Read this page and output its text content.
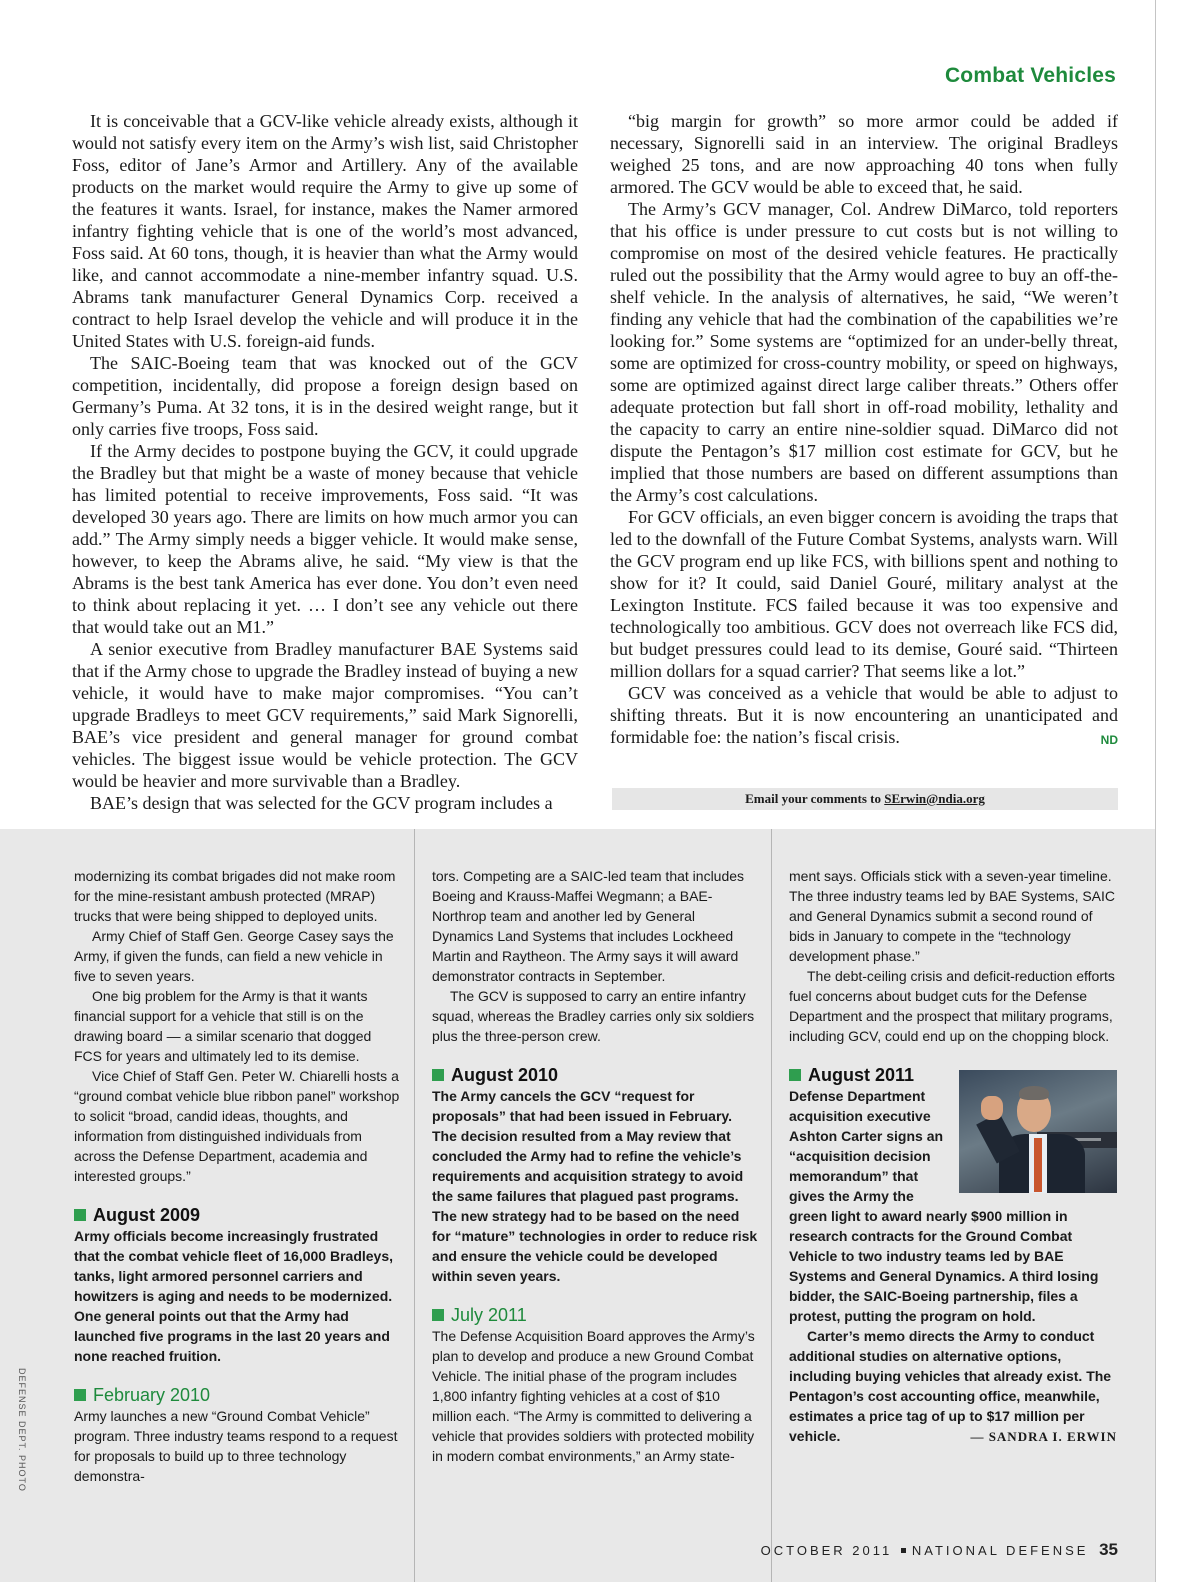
Combat Vehicles

It is conceivable that a GCV-like vehicle already exists, although it would not satisfy every item on the Army’s wish list, said Christopher Foss, editor of Jane’s Armor and Artillery. Any of the available products on the market would require the Army to give up some of the features it wants. Israel, for instance, makes the Namer armored infantry fighting vehicle that is one of the world’s most advanced, Foss said. At 60 tons, though, it is heavier than what the Army would like, and cannot accommodate a nine-member infantry squad. U.S. Abrams tank manufacturer General Dynamics Corp. received a contract to help Israel develop the vehicle and will produce it in the United States with U.S. foreign-aid funds.

The SAIC-Boeing team that was knocked out of the GCV competition, incidentally, did propose a foreign design based on Germany’s Puma. At 32 tons, it is in the desired weight range, but it only carries five troops, Foss said.

If the Army decides to postpone buying the GCV, it could upgrade the Bradley but that might be a waste of money because that vehicle has limited potential to receive improvements, Foss said. “It was developed 30 years ago. There are limits on how much armor you can add.” The Army simply needs a bigger vehicle. It would make sense, however, to keep the Abrams alive, he said. “My view is that the Abrams is the best tank America has ever done. You don’t even need to think about replacing it yet. … I don’t see any vehicle out there that would take out an M1.”

A senior executive from Bradley manufacturer BAE Systems said that if the Army chose to upgrade the Bradley instead of buying a new vehicle, it would have to make major compromises. “You can’t upgrade Bradleys to meet GCV requirements,” said Mark Signorelli, BAE’s vice president and general manager for ground combat vehicles. The biggest issue would be vehicle protection. The GCV would be heavier and more survivable than a Bradley.

BAE’s design that was selected for the GCV program includes a

“big margin for growth” so more armor could be added if necessary, Signorelli said in an interview. The original Bradleys weighed 25 tons, and are now approaching 40 tons when fully armored. The GCV would be able to exceed that, he said.

The Army’s GCV manager, Col. Andrew DiMarco, told reporters that his office is under pressure to cut costs but is not willing to compromise on most of the desired vehicle features. He practically ruled out the possibility that the Army would agree to buy an off-the-shelf vehicle. In the analysis of alternatives, he said, “We weren’t finding any vehicle that had the combination of the capabilities we’re looking for.” Some systems are “optimized for an under-belly threat, some are optimized for cross-country mobility, or speed on highways, some are optimized against direct large caliber threats.” Others offer adequate protection but fall short in off-road mobility, lethality and the capacity to carry an entire nine-soldier squad. DiMarco did not dispute the Pentagon’s $17 million cost estimate for GCV, but he implied that those numbers are based on different assumptions than the Army’s cost calculations.

For GCV officials, an even bigger concern is avoiding the traps that led to the downfall of the Future Combat Systems, analysts warn. Will the GCV program end up like FCS, with billions spent and nothing to show for it? It could, said Daniel Gouré, military analyst at the Lexington Institute. FCS failed because it was too expensive and technologically too ambitious. GCV does not overreach like FCS did, but budget pressures could lead to its demise, Gouré said. “Thirteen million dollars for a squad carrier? That seems like a lot.”

GCV was conceived as a vehicle that would be able to adjust to shifting threats. But it is now encountering an unanticipated and formidable foe: the nation’s fiscal crisis.	ND

Email your comments to SErwin@ndia.org
DEFENSE DEPT. PHOTO

modernizing its combat brigades did not make room for the mine-resistant ambush protected (MRAP) trucks that were being shipped to deployed units.

Army Chief of Staff Gen. George Casey says the Army, if given the funds, can field a new vehicle in five to seven years.

One big problem for the Army is that it wants financial support for a vehicle that still is on the drawing board — a similar scenario that dogged FCS for years and ultimately led to its demise.

Vice Chief of Staff Gen. Peter W. Chiarelli hosts a “ground combat vehicle blue ribbon panel” workshop to solicit “broad, candid ideas, thoughts, and information from distinguished individuals from across the Defense Department, academia and interested groups.”

August 2009

Army officials become increasingly frustrated that the combat vehicle fleet of 16,000 Bradleys, tanks, light armored personnel carriers and howitzers is aging and needs to be modernized. One general points out that the Army had launched five programs in the last 20 years and none reached fruition.

February 2010

Army launches a new “Ground Combat Vehicle” program. Three industry teams respond to a request for proposals to build up to three technology demonstra-

tors. Competing are a SAIC-led team that includes Boeing and Krauss-Maffei Wegmann; a BAE-Northrop team and another led by General Dynamics Land Systems that includes Lockheed Martin and Raytheon. The Army says it will award demonstrator contracts in September.

The GCV is supposed to carry an entire infantry squad, whereas the Bradley carries only six soldiers plus the three-person crew.

August 2010

The Army cancels the GCV “request for proposals” that had been issued in February. The decision resulted from a May review that concluded the Army had to refine the vehicle’s requirements and acquisition strategy to avoid the same failures that plagued past programs. The new strategy had to be based on the need for “mature” technologies in order to reduce risk and ensure the vehicle could be developed within seven years.

July 2011

The Defense Acquisition Board approves the Army’s plan to develop and produce a new Ground Combat Vehicle. The initial phase of the program includes 1,800 infantry fighting vehicles at a cost of $10 million each. “The Army is committed to delivering a vehicle that provides soldiers with protected mobility in modern combat environments,” an Army state-

ment says. Officials stick with a seven-year timeline. The three industry teams led by BAE Systems, SAIC and General Dynamics submit a second round of bids in January to compete in the “technology development phase.”

The debt-ceiling crisis and deficit-reduction efforts fuel concerns about budget cuts for the Defense Department and the prospect that military programs, including GCV, could end up on the chopping block.

August 2011

Defense Department acquisition executive Ashton Carter signs an “acquisition decision memorandum” that gives the Army the green light to award nearly $900 million in research contracts for the Ground Combat Vehicle to two industry teams led by BAE Systems and General Dynamics. A third losing bidder, the SAIC-Boeing partnership, files a protest, putting the program on hold.

Carter’s memo directs the Army to conduct additional studies on alternative options, including buying vehicles that already exist. The Pentagon’s cost accounting office, meanwhile, estimates a price tag of up to $17 million per vehicle.	— SANDRA I. ERWIN

OCTOBER 2011 NATIONAL DEFENSE 35
